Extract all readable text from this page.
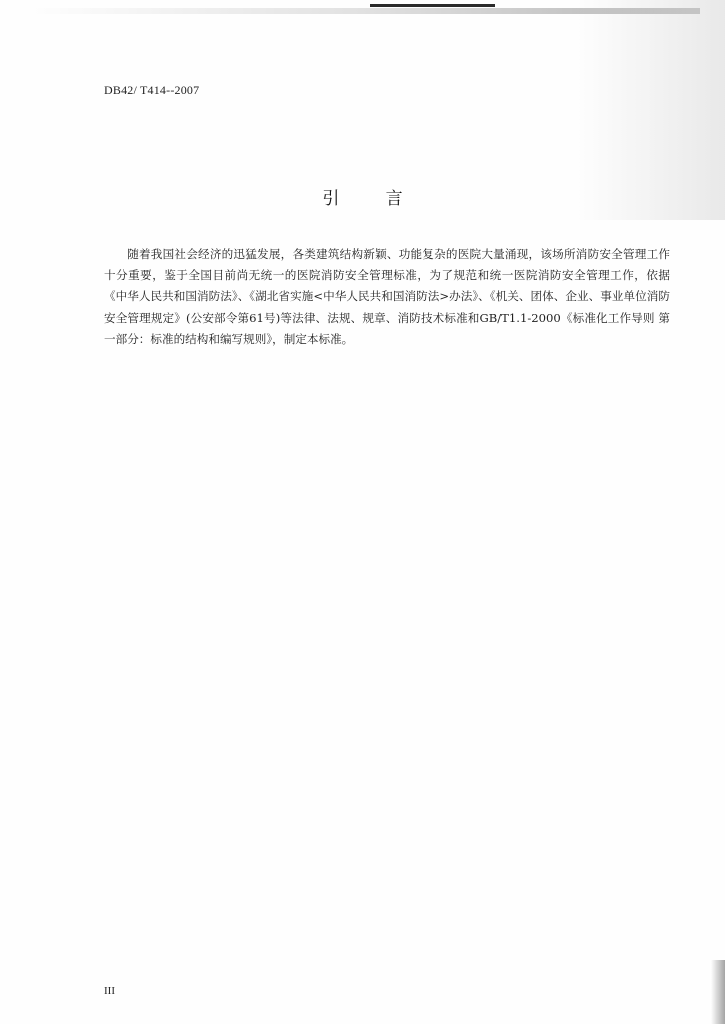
DB42/ T414--2007
引 言

随着我国社会经济的迅猛发展，各类建筑结构新颖、功能复杂的医院大量涌现，该场所消防安全管理工作十分重要，鉴于全国目前尚无统一的医院消防安全管理标准，为了规范和统一医院消防安全管理工作，依据《中华人民共和国消防法》、《湖北省实施<中华人民共和国消防法>办法》、《机关、团体、企业、事业单位消防安全管理规定》(公安部令第61号)等法律、法规、规章、消防技术标准和GB/T1.1-2000《标准化工作导则 第一部分：标准的结构和编写规则》，制定本标准。

III
